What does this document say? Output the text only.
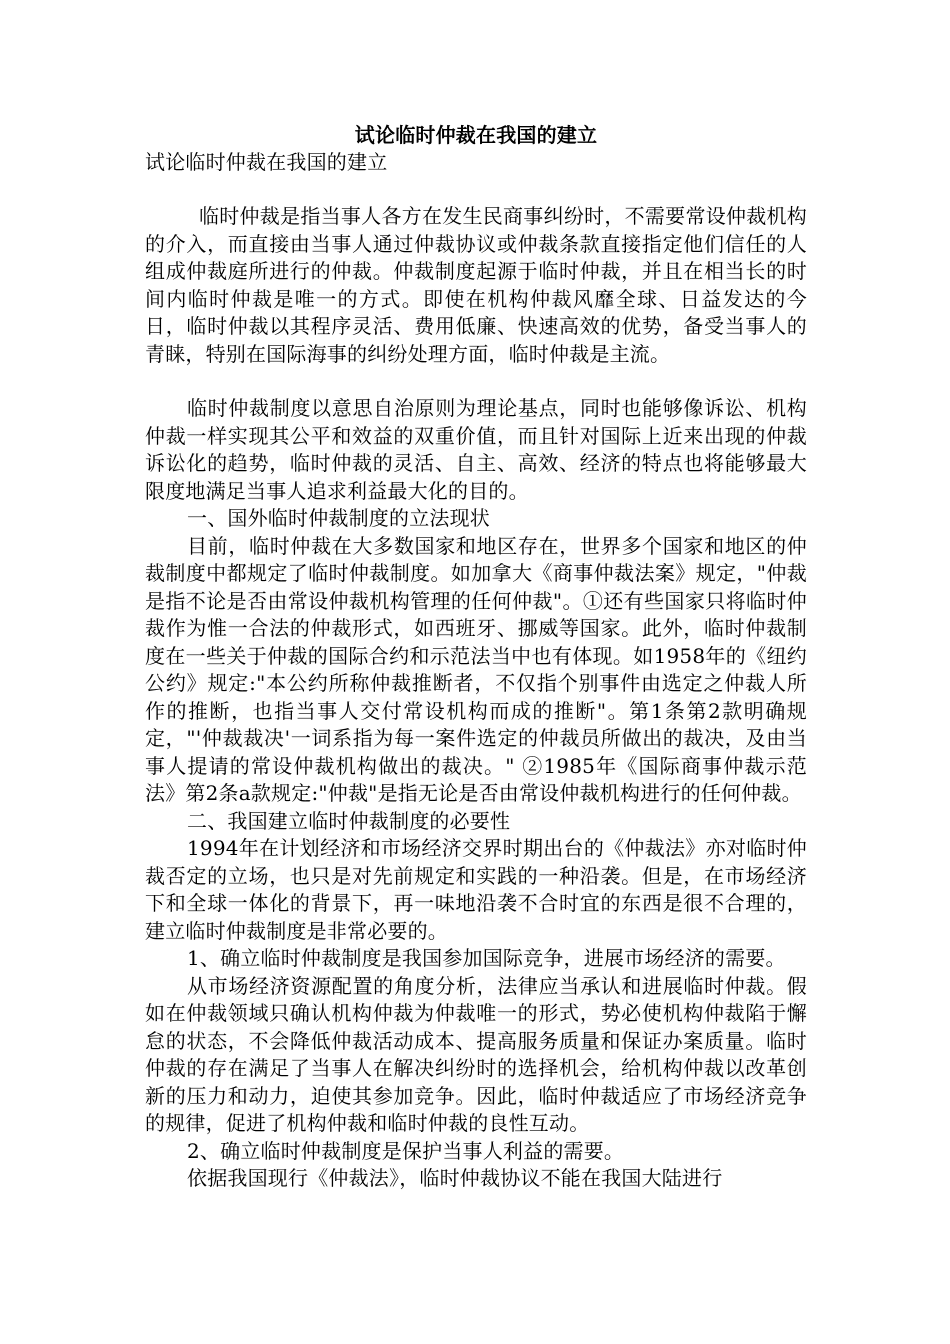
试论临时仲裁在我国的建立

试论临时仲裁在我国的建立

临时仲裁是指当事人各方在发生民商事纠纷时，不需要常设仲裁机构的介入，而直接由当事人通过仲裁协议或仲裁条款直接指定他们信任的人组成仲裁庭所进行的仲裁。仲裁制度起源于临时仲裁，并且在相当长的时间内临时仲裁是唯一的方式。即使在机构仲裁风靡全球、日益发达的今日，临时仲裁以其程序灵活、费用低廉、快速高效的优势，备受当事人的青睐，特别在国际海事的纠纷处理方面，临时仲裁是主流。

临时仲裁制度以意思自治原则为理论基点，同时也能够像诉讼、机构仲裁一样实现其公平和效益的双重价值，而且针对国际上近来出现的仲裁诉讼化的趋势，临时仲裁的灵活、自主、高效、经济的特点也将能够最大限度地满足当事人追求利益最大化的目的。

一、国外临时仲裁制度的立法现状

目前，临时仲裁在大多数国家和地区存在，世界多个国家和地区的仲裁制度中都规定了临时仲裁制度。如加拿大《商事仲裁法案》规定，"仲裁是指不论是否由常设仲裁机构管理的任何仲裁"。①还有些国家只将临时仲裁作为惟一合法的仲裁形式，如西班牙、挪威等国家。此外，临时仲裁制度在一些关于仲裁的国际合约和示范法当中也有体现。如1958年的《纽约公约》规定:"本公约所称仲裁推断者，不仅指个别事件由选定之仲裁人所作的推断，也指当事人交付常设机构而成的推断"。第1条第2款明确规定，"'仲裁裁决'一词系指为每一案件选定的仲裁员所做出的裁决，及由当事人提请的常设仲裁机构做出的裁决。" ②1985年《国际商事仲裁示范法》第2条a款规定:"仲裁"是指无论是否由常设仲裁机构进行的任何仲裁。

二、我国建立临时仲裁制度的必要性

1994年在计划经济和市场经济交界时期出台的《仲裁法》亦对临时仲裁否定的立场，也只是对先前规定和实践的一种沿袭。但是，在市场经济下和全球一体化的背景下，再一味地沿袭不合时宜的东西是很不合理的，建立临时仲裁制度是非常必要的。

1、确立临时仲裁制度是我国参加国际竞争，进展市场经济的需要。

从市场经济资源配置的角度分析，法律应当承认和进展临时仲裁。假如在仲裁领域只确认机构仲裁为仲裁唯一的形式，势必使机构仲裁陷于懈怠的状态，不会降低仲裁活动成本、提高服务质量和保证办案质量。临时仲裁的存在满足了当事人在解决纠纷时的选择机会，给机构仲裁以改革创新的压力和动力，迫使其参加竞争。因此，临时仲裁适应了市场经济竞争的规律，促进了机构仲裁和临时仲裁的良性互动。

2、确立临时仲裁制度是保护当事人利益的需要。

依据我国现行《仲裁法》，临时仲裁协议不能在我国大陆进行
